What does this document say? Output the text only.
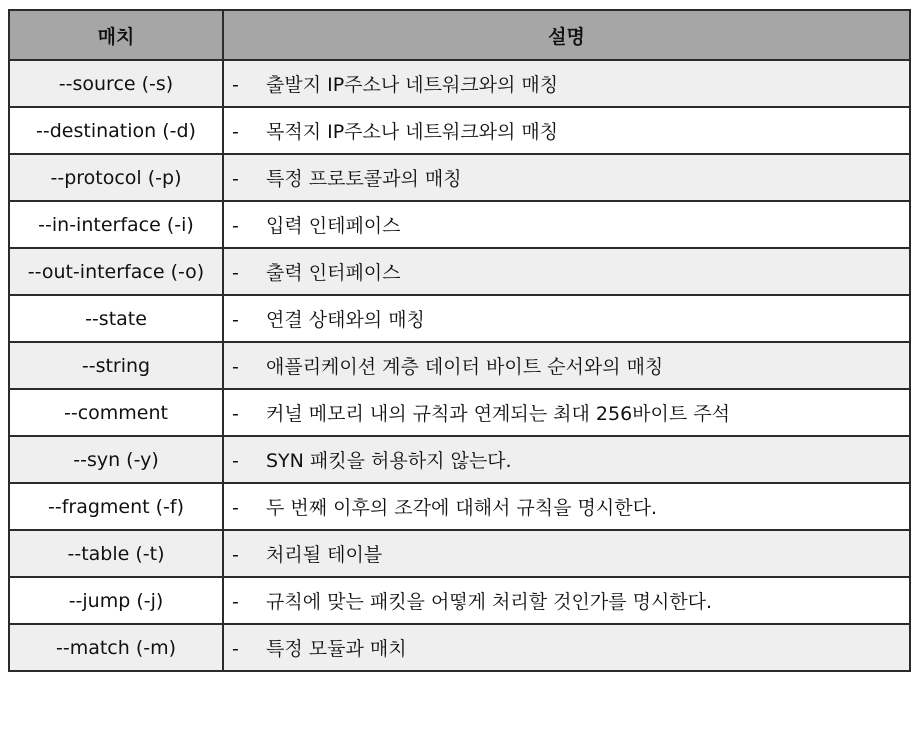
매치	설명
--source (-s)	- 출발지 IP주소나 네트워크와의 매칭
--destination (-d)	- 목적지 IP주소나 네트워크와의 매칭
--protocol (-p)	- 특정 프로토콜과의 매칭
--in-interface (-i)	- 입력 인테페이스
--out-interface (-o)	- 출력 인터페이스
--state	- 연결 상태와의 매칭
--string	- 애플리케이션 계층 데이터 바이트 순서와의 매칭
--comment	- 커널 메모리 내의 규칙과 연계되는 최대 256바이트 주석
--syn (-y)	- SYN 패킷을 허용하지 않는다.
--fragment (-f)	- 두 번째 이후의 조각에 대해서 규칙을 명시한다.
--table (-t)	- 처리될 테이블
--jump (-j)	- 규칙에 맞는 패킷을 어떻게 처리할 것인가를 명시한다.
--match (-m)	- 특정 모듈과 매치
